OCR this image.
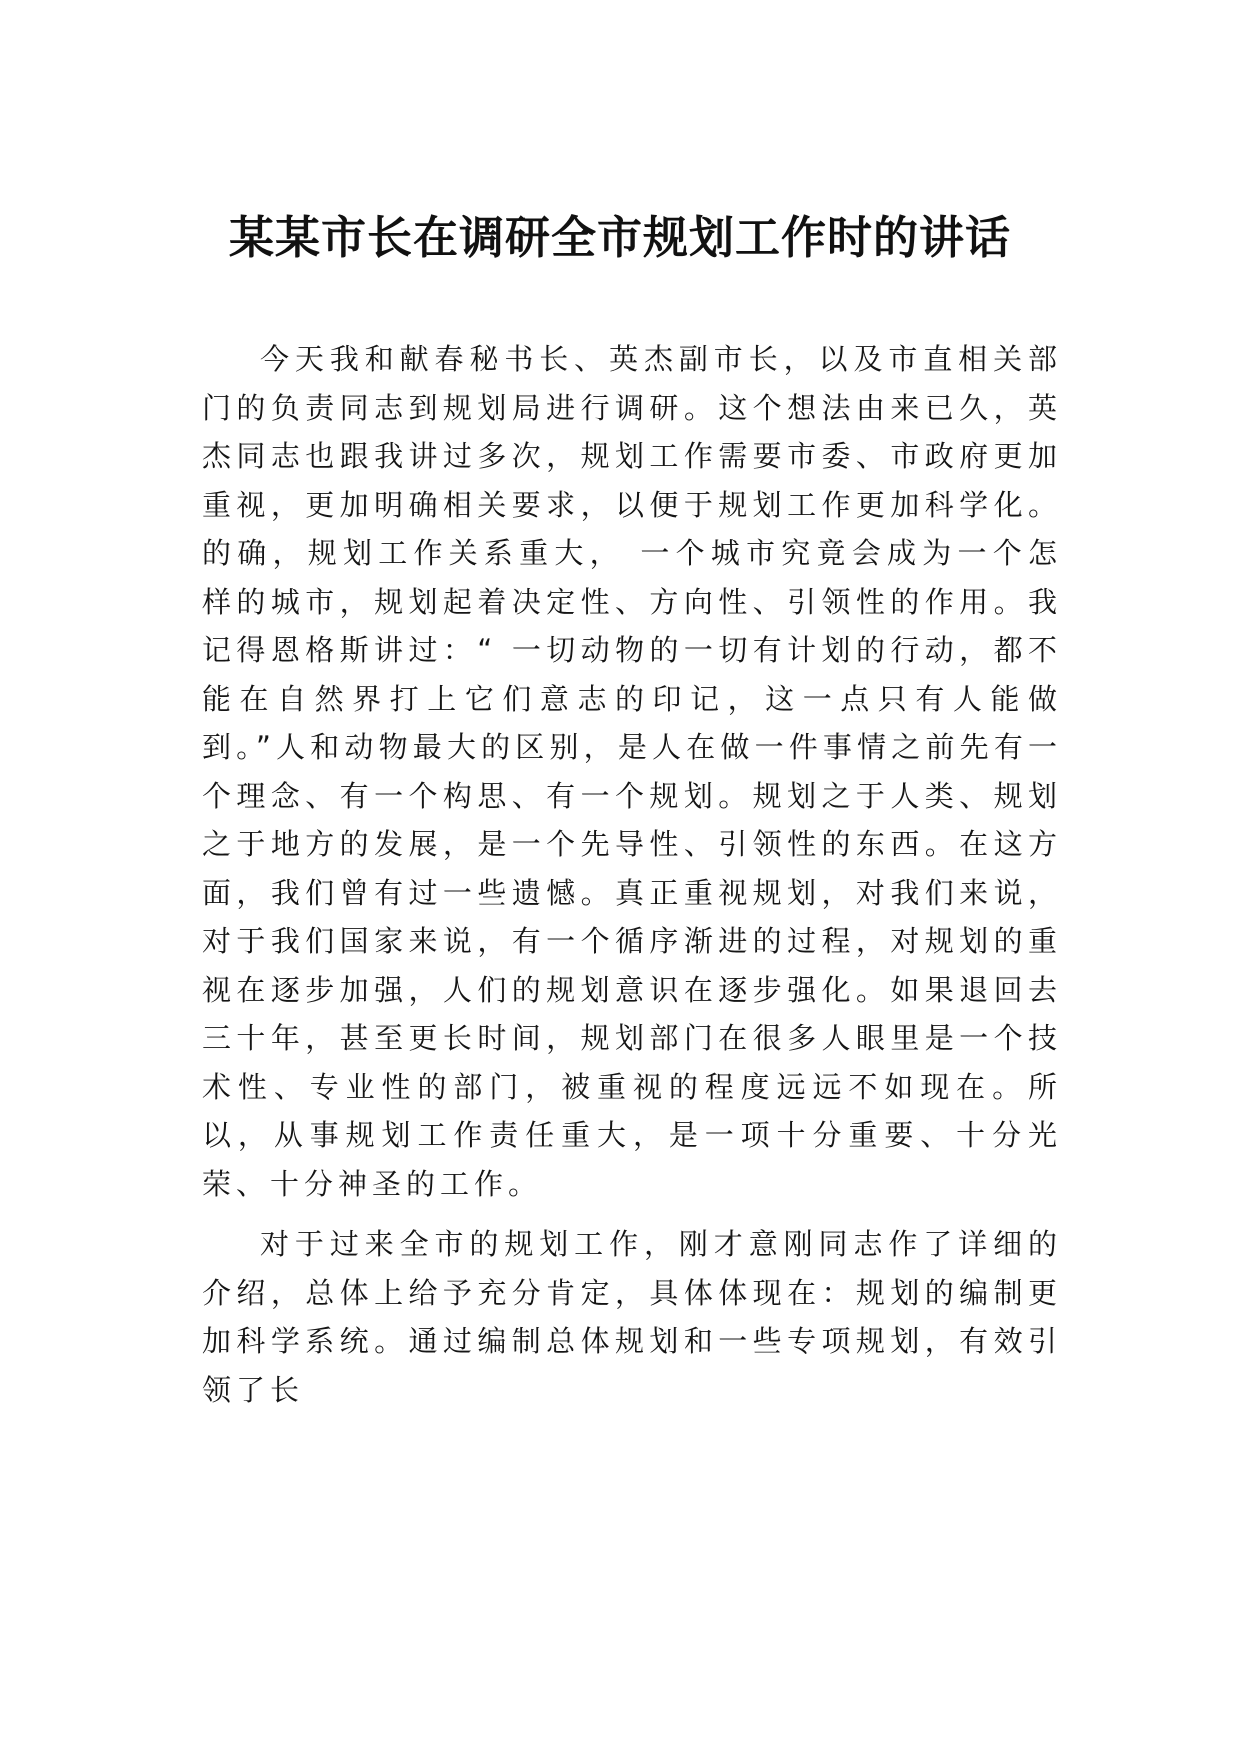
某某市长在调研全市规划工作时的讲话

今天我和献春秘书长、英杰副市长，以及市直相关部门的负责同志到规划局进行调研。这个想法由来已久，英杰同志也跟我讲过多次，规划工作需要市委、市政府更加重视，更加明确相关要求，以便于规划工作更加科学化。的确，规划工作关系重大， 一个城市究竟会成为一个怎样的城市，规划起着决定性、方向性、引领性的作用。我记得恩格斯讲过：“ 一切动物的一切有计划的行动，都不能在自然界打上它们意志的印记，这一点只有人能做到。”人和动物最大的区别，是人在做一件事情之前先有一个理念、有一个构思、有一个规划。规划之于人类、规划之于地方的发展，是一个先导性、引领性的东西。在这方面，我们曾有过一些遗憾。真正重视规划，对我们来说，对于我们国家来说，有一个循序渐进的过程，对规划的重视在逐步加强，人们的规划意识在逐步强化。如果退回去三十年，甚至更长时间，规划部门在很多人眼里是一个技术性、专业性的部门，被重视的程度远远不如现在。所以，从事规划工作责任重大，是一项十分重要、十分光荣、十分神圣的工作。

对于过来全市的规划工作，刚才意刚同志作了详细的介绍，总体上给予充分肯定，具体体现在：规划的编制更加科学系统。通过编制总体规划和一些专项规划，有效引领了长
